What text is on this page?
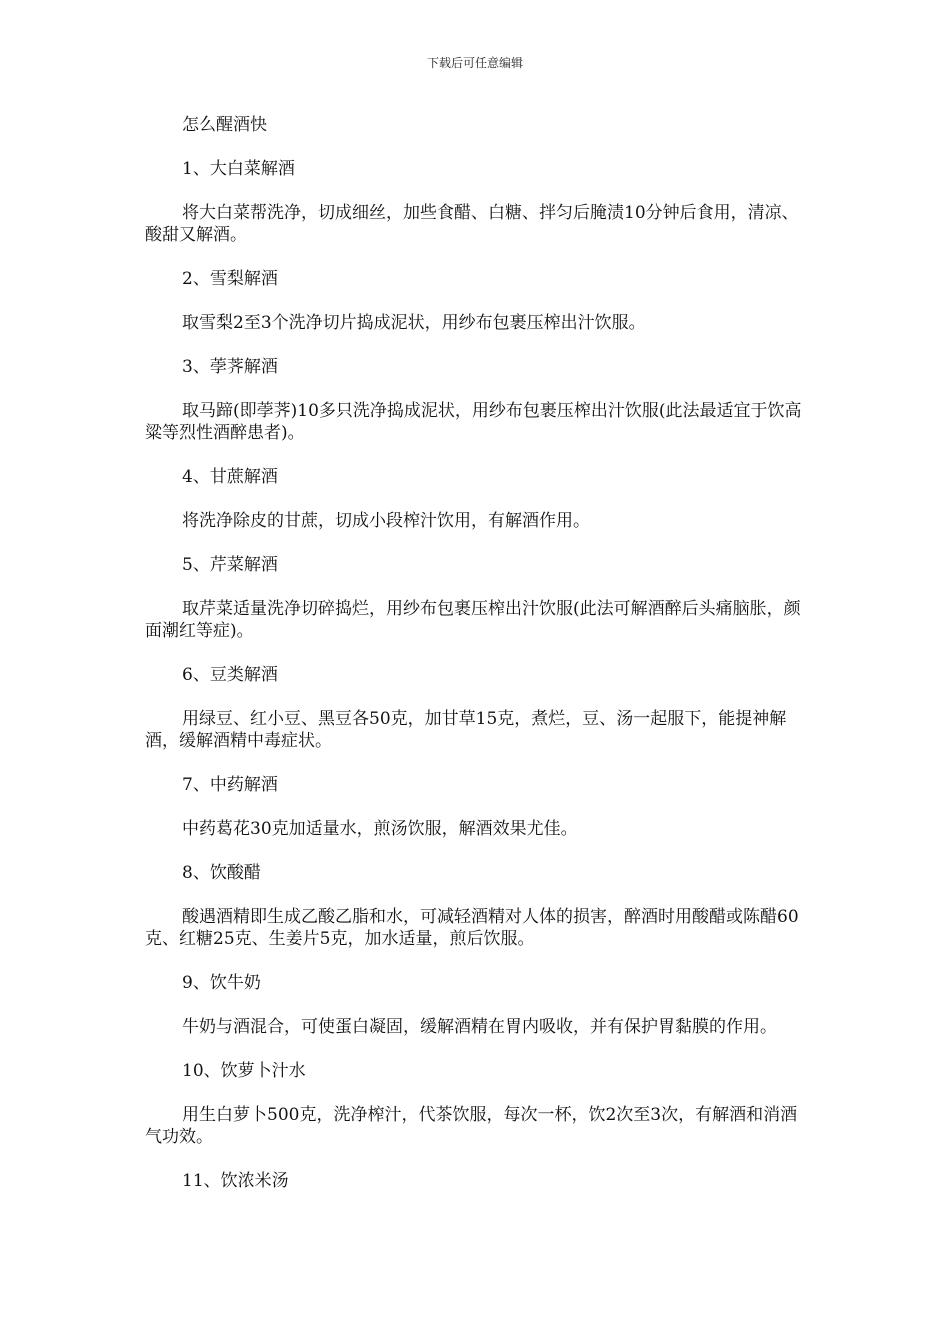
下载后可任意编辑

怎么醒酒快

1、大白菜解酒

将大白菜帮洗净，切成细丝，加些食醋、白糖、拌匀后腌渍10分钟后食用，清凉、酸甜又解酒。

2、雪梨解酒

取雪梨2至3个洗净切片捣成泥状，用纱布包裹压榨出汁饮服。

3、荸荠解酒

取马蹄(即荸荠)10多只洗净捣成泥状，用纱布包裹压榨出汁饮服(此法最适宜于饮高粱等烈性酒醉患者)。

4、甘蔗解酒

将洗净除皮的甘蔗，切成小段榨汁饮用，有解酒作用。

5、芹菜解酒

取芹菜适量洗净切碎捣烂，用纱布包裹压榨出汁饮服(此法可解酒醉后头痛脑胀，颜面潮红等症)。

6、豆类解酒

用绿豆、红小豆、黑豆各50克，加甘草15克，煮烂，豆、汤一起服下，能提神解酒，缓解酒精中毒症状。

7、中药解酒

中药葛花30克加适量水，煎汤饮服，解酒效果尤佳。

8、饮酸醋

酸遇酒精即生成乙酸乙脂和水，可减轻酒精对人体的损害，醉酒时用酸醋或陈醋60克、红糖25克、生姜片5克，加水适量，煎后饮服。

9、饮牛奶

牛奶与酒混合，可使蛋白凝固，缓解酒精在胃内吸收，并有保护胃黏膜的作用。

10、饮萝卜汁水

用生白萝卜500克，洗净榨汁，代茶饮服，每次一杯，饮2次至3次，有解酒和消酒气功效。

11、饮浓米汤
